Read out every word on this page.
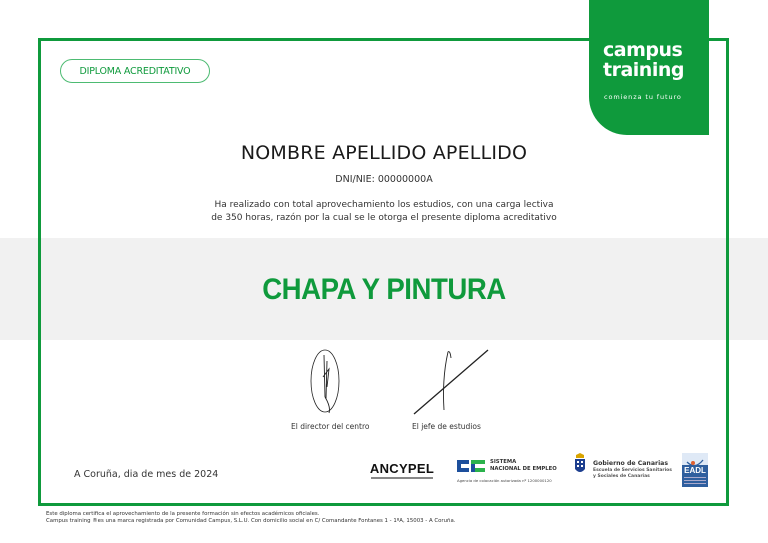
DIPLOMA ACREDITATIVO
campus
training
comienza tu futuro
NOMBRE APELLIDO APELLIDO
DNI/NIE: 00000000A
Ha realizado con total aprovechamiento los estudios, con una carga lectiva
de 350 horas, razón por la cual se le otorga el presente diploma acreditativo
CHAPA Y PINTURA
El director del centro	El jefe de estudios
A Coruña, dia de mes de 2024	ANCYPEL	SISTEMA
NACIONAL DE EMPLEO
Agencia de colocación autorizada nº 1200000120
Gobierno de Canarias
Escuela de Servicios Sanitarios
y Sociales de Canarias
EADL
Este diploma certifica el aprovechamiento de la presente formación sin efectos académicos oficiales.
Campus training ®es una marca registrada por Comunidad Campus, S.L.U. Con domicilio social en C/ Comandante Fontanes 1 - 1ºA, 15003 - A Coruña.
